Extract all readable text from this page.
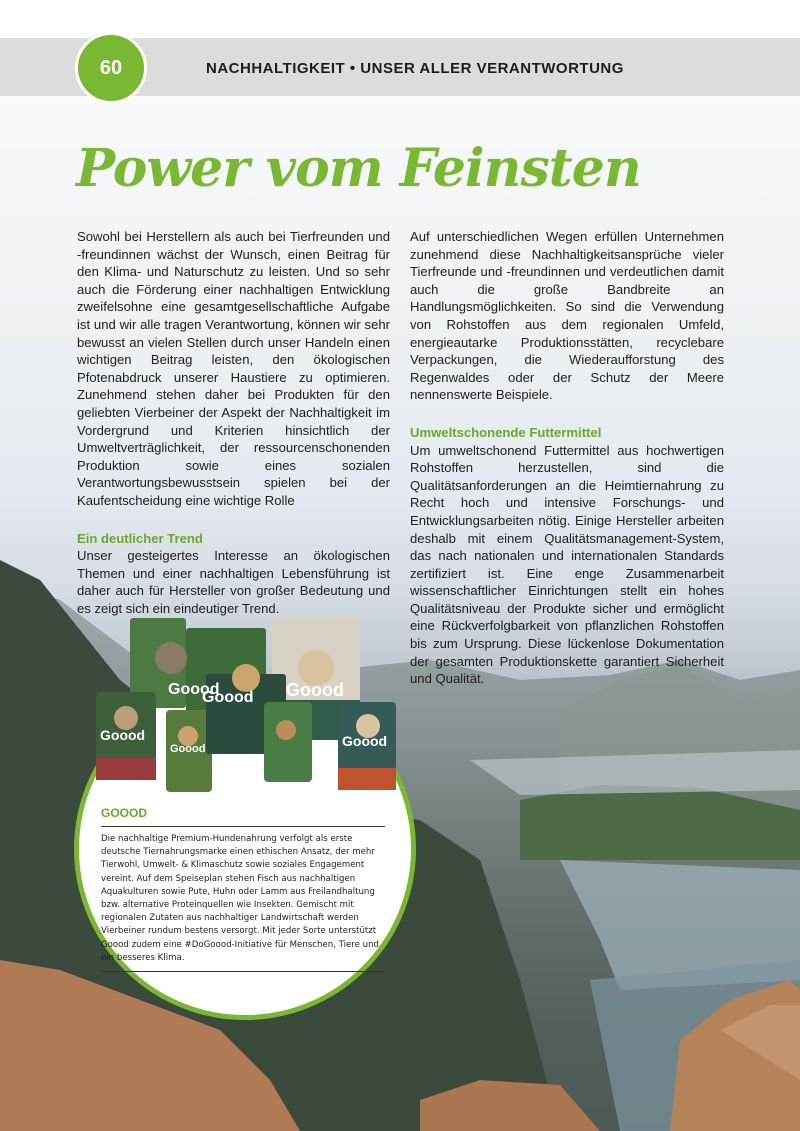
60	NACHHALTIGKEIT • UNSER ALLER VERANTWORTUNG
Power vom Feinsten

Sowohl bei Herstellern als auch bei Tierfreunden und -freundinnen wächst der Wunsch, einen Beitrag für den Klima- und Naturschutz zu leisten. Und so sehr auch die Förderung einer nachhaltigen Entwicklung zweifelsohne eine gesamtgesellschaftliche Aufgabe ist und wir alle tragen Verantwortung, können wir sehr bewusst an vielen Stellen durch unser Handeln einen wichtigen Beitrag leisten, den ökologischen Pfotenabdruck unserer Haustiere zu optimieren. Zunehmend stehen daher bei Produkten für den geliebten Vierbeiner der Aspekt der Nachhaltigkeit im Vordergrund und Kriterien hinsichtlich der Umweltverträglichkeit, der ressourcenschonenden Produktion sowie eines sozialen Verantwortungsbewusstsein spielen bei der Kaufentscheidung eine wichtige Rolle

Ein deutlicher Trend

Unser gesteigertes Interesse an ökologischen Themen und einer nachhaltigen Lebensführung ist daher auch für Hersteller von großer Bedeutung und es zeigt sich ein eindeutiger Trend.

Auf unterschiedlichen Wegen erfüllen Unternehmen zunehmend diese Nachhaltigkeitsansprüche vieler Tierfreunde und -freundinnen und verdeutlichen damit auch die große Bandbreite an Handlungsmöglichkeiten. So sind die Verwendung von Rohstoffen aus dem regionalen Umfeld, energieautarke Produktionsstätten, recyclebare Verpackungen, die Wiederaufforstung des Regenwaldes oder der Schutz der Meere nennenswerte Beispiele.

Umweltschonende Futtermittel

Um umweltschonend Futtermittel aus hochwertigen Rohstoffen herzustellen, sind die Qualitätsanforderungen an die Heimtiernahrung zu Recht hoch und intensive Forschungs- und Entwicklungsarbeiten nötig. Einige Hersteller arbeiten deshalb mit einem Qualitätsmanagement-System, das nach nationalen und internationalen Standards zertifiziert ist. Eine enge Zusammenarbeit wissenschaftlicher Einrichtungen stellt ein hohes Qualitätsniveau der Produkte sicher und ermöglicht eine Rückverfolgbarkeit von pflanzlichen Rohstoffen bis zum Ursprung. Diese lückenlose Dokumentation der gesamten Produktionskette garantiert Sicherheit und Qualität.

Goood
Goood Goood
Goood
Goood	Goood
GOOOD
Die nachhaltige Premium-Hundenahrung verfolgt als erste deutsche Tiernahrungsmarke einen ethischen Ansatz, der mehr Tierwohl, Umwelt- & Klimaschutz sowie soziales Engagement vereint. Auf dem Speiseplan stehen Fisch aus nachhaltigen Aquakulturen sowie Pute, Huhn oder Lamm aus Freilandhaltung bzw. alternative Proteinquellen wie Insekten. Gemischt mit regionalen Zutaten aus nachhaltiger Landwirtschaft werden Vierbeiner rundum bestens versorgt. Mit jeder Sorte unterstützt Goood zudem eine #DoGoood-Initiative für Menschen, Tiere und ein besseres Klima.
